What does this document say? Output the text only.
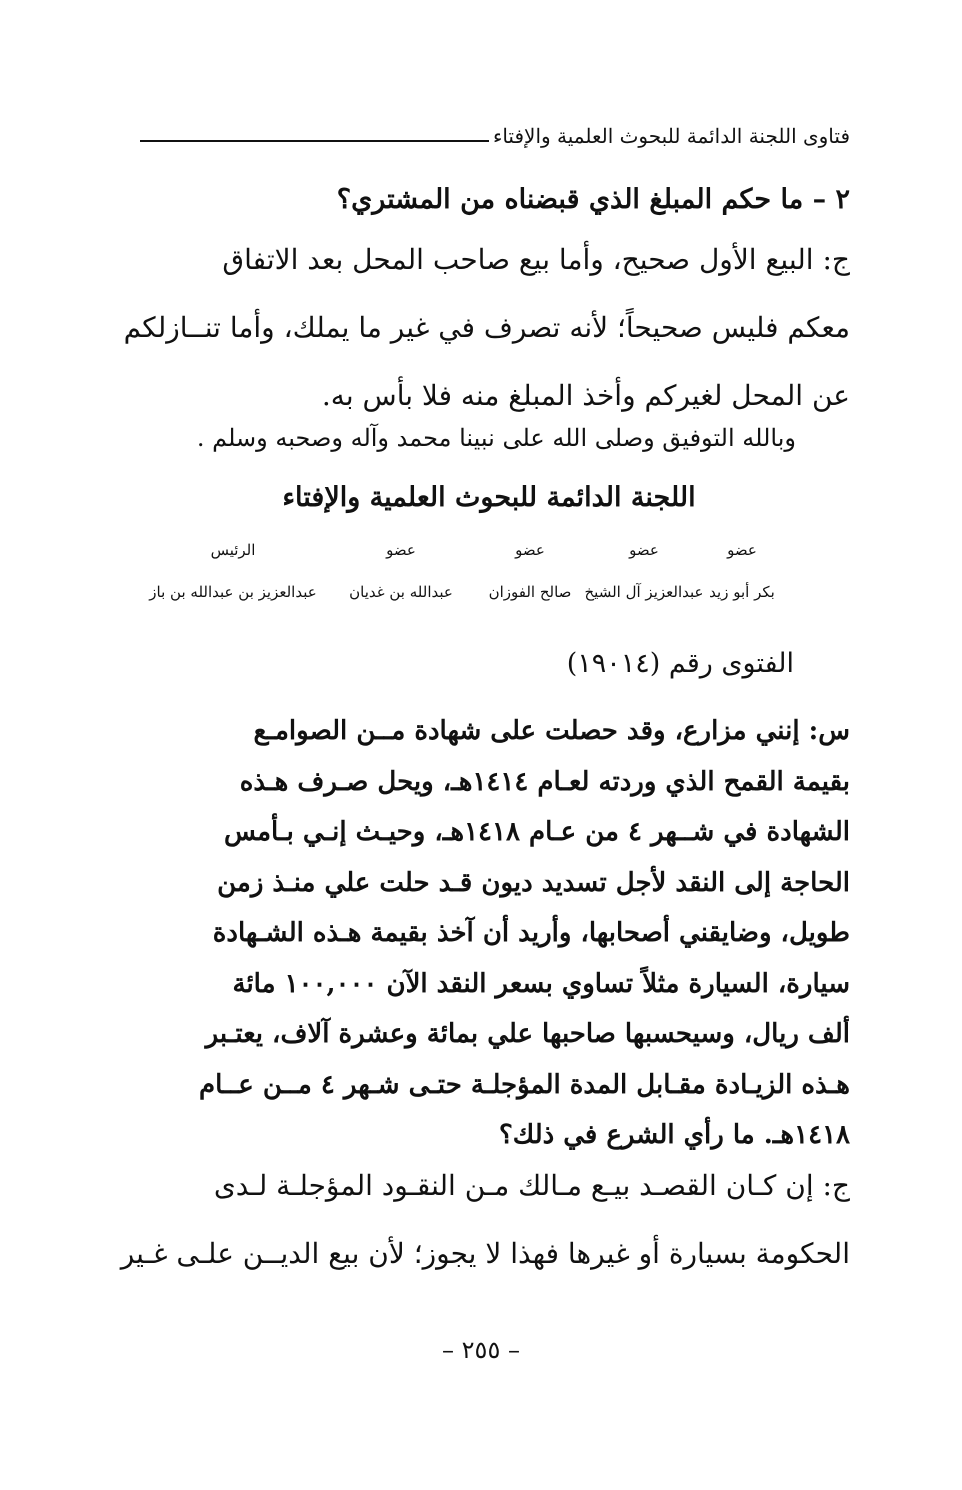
فتاوى اللجنة الدائمة للبحوث العلمية والإفتاء
٢ – ما حكم المبلغ الذي قبضناه من المشتري؟
ج: البيع الأول صحيح، وأما بيع صاحب المحل بعد الاتفاق
معكم فليس صحيحاً؛ لأنه تصرف في غير ما يملك، وأما تنــازلكم
عن المحل لغيركم وأخذ المبلغ منه فلا بأس به.
وبالله التوفيق وصلى الله على نبينا محمد وآله وصحبه وسلم .
اللجنة الدائمة للبحوث العلمية والإفتاء
عضو
بكر أبو زيد
عضو
عبدالعزيز آل الشيخ
عضو
صالح الفوزان
عضو
عبدالله بن غديان
الرئيس
عبدالعزيز بن عبدالله بن باز
الفتوى رقم (١٩٠١٤)
س: إنني مزارع، وقد حصلت على شهادة مــن الصوامـع
بقيمة القمح الذي وردته لعـام ١٤١٤هـ، ويحل صـرف هـذه
الشهادة في شــهر ٤ من عـام ١٤١٨هـ، وحيـث إنـي بـأمس
الحاجة إلى النقد لأجل تسديد ديون قـد حلت علي منـذ زمن
طويل، وضايقني أصحابها، وأريد أن آخذ بقيمة هـذه الشـهادة
سيارة، السيارة مثلاً تساوي بسعر النقد الآن ١٠٠,٠٠٠ مائة
ألف ريال، وسيحسبها صاحبها علي بمائة وعشرة آلاف، يعتـبر
هـذه الزيـادة مقـابل المدة المؤجلـة حتـى شـهر ٤ مــن عــام
١٤١٨هـ. ما رأي الشرع في ذلك؟
ج: إن كـان القصـد بيـع مـالك مـن النقـود المؤجلـة لـدى
الحكومة بسيارة أو غيرها فهذا لا يجوز؛ لأن بيع الديــن علـى غـير
– ٢٥٥ –
